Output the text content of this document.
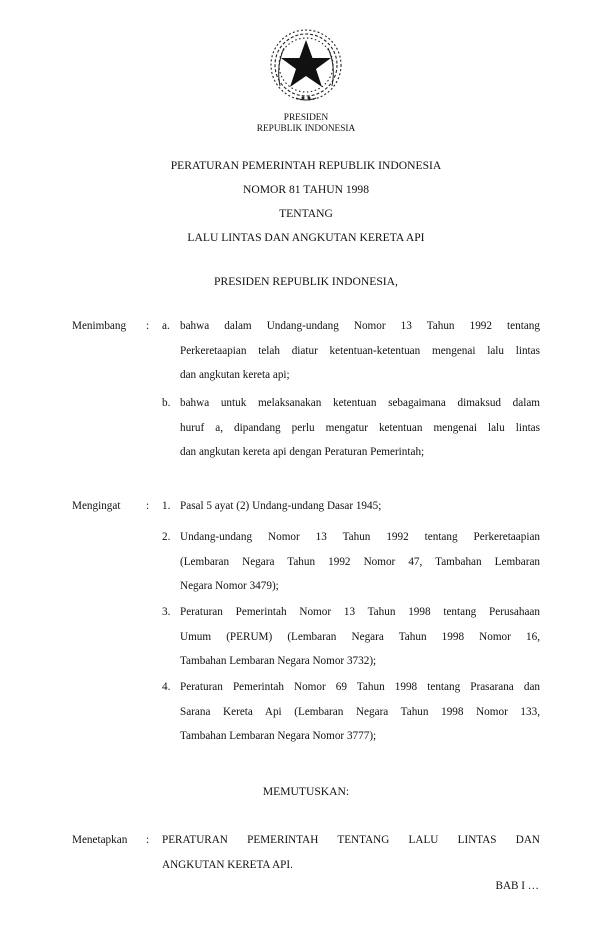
PRESIDEN
REPUBLIK INDONESIA
PERATURAN PEMERINTAH REPUBLIK INDONESIA
NOMOR 81 TAHUN 1998
TENTANG
LALU LINTAS DAN ANGKUTAN KERETA API
PRESIDEN REPUBLIK INDONESIA,
Menimbang : a. bahwa dalam Undang-undang Nomor 13 Tahun 1992 tentang
Perkeretaapian telah diatur ketentuan-ketentuan mengenai lalu lintas
dan angkutan kereta api;
b. bahwa untuk melaksanakan ketentuan sebagaimana dimaksud dalam
huruf a, dipandang perlu mengatur ketentuan mengenai lalu lintas
dan angkutan kereta api dengan Peraturan Pemerintah;
Mengingat : 1. Pasal 5 ayat (2) Undang-undang Dasar 1945;
2. Undang-undang Nomor 13 Tahun 1992 tentang Perkeretaapian
(Lembaran Negara Tahun 1992 Nomor 47, Tambahan Lembaran
Negara Nomor 3479);
3. Peraturan Pemerintah Nomor 13 Tahun 1998 tentang Perusahaan
Umum (PERUM) (Lembaran Negara Tahun 1998 Nomor 16,
Tambahan Lembaran Negara Nomor 3732);
4. Peraturan Pemerintah Nomor 69 Tahun 1998 tentang Prasarana dan
Sarana Kereta Api (Lembaran Negara Tahun 1998 Nomor 133,
Tambahan Lembaran Negara Nomor 3777);
MEMUTUSKAN:
Menetapkan : PERATURAN PEMERINTAH TENTANG LALU LINTAS DAN
ANGKUTAN KERETA API.
BAB I …
